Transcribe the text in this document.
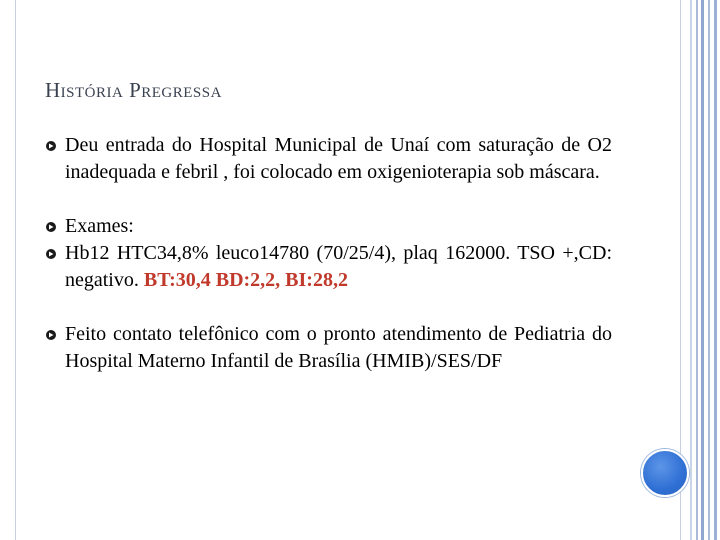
História Pregressa
Deu entrada do Hospital Municipal de Unaí com saturação de O2 inadequada e febril , foi colocado em oxigenioterapia sob máscara.
Exames:
Hb12 HTC34,8% leuco14780 (70/25/4), plaq 162000. TSO +,CD: negativo. BT:30,4 BD:2,2, BI:28,2
Feito contato telefônico com o pronto atendimento de Pediatria do Hospital Materno Infantil de Brasília (HMIB)/SES/DF
